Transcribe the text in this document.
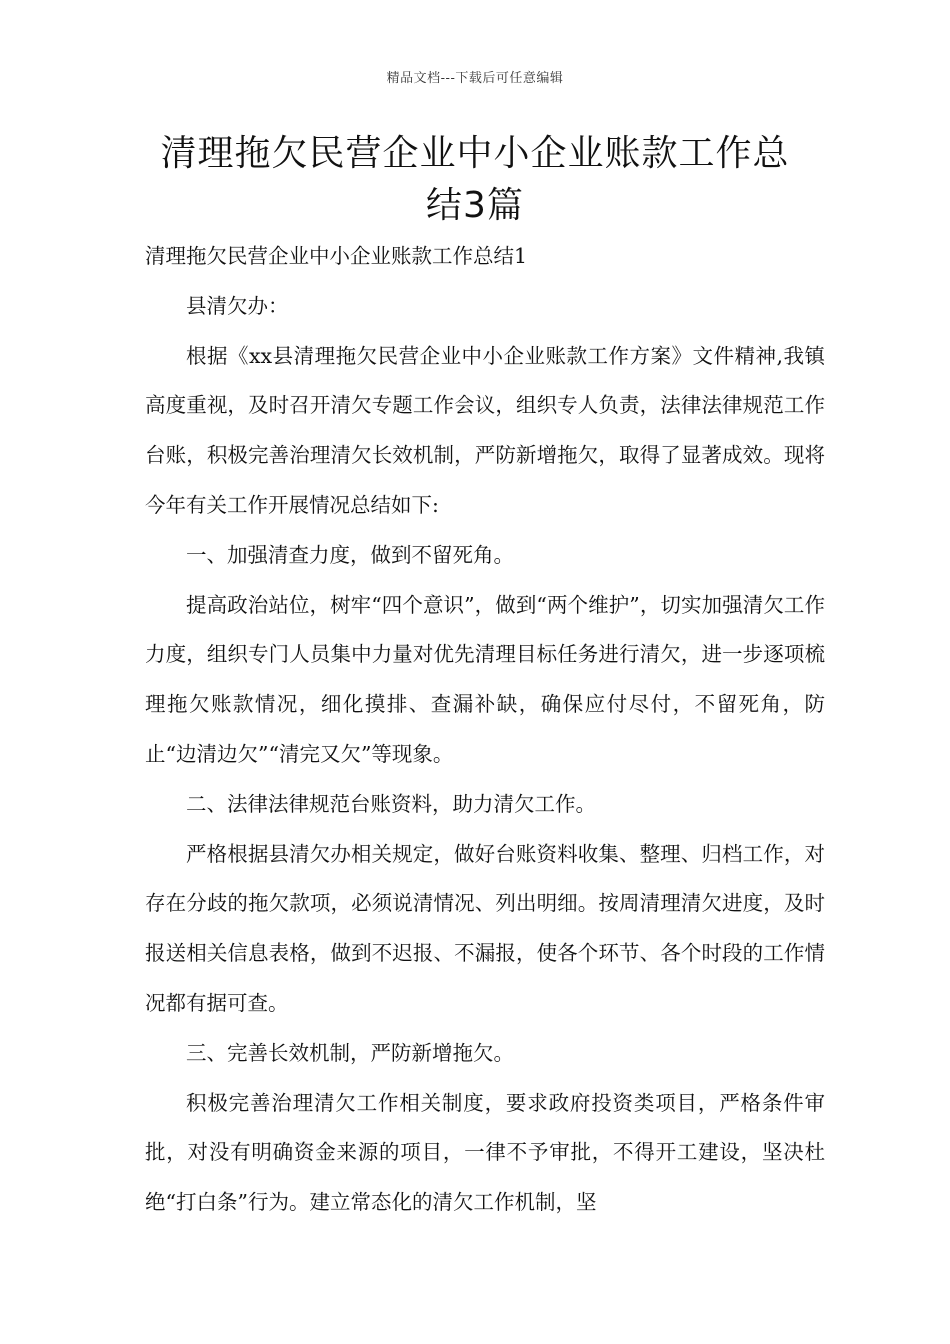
精品文档---下载后可任意编辑
清理拖欠民营企业中小企业账款工作总
结3篇

清理拖欠民营企业中小企业账款工作总结1

县清欠办：

根据《xx县清理拖欠民营企业中小企业账款工作方案》文件精神,我镇高度重视，及时召开清欠专题工作会议，组织专人负责，法律法律规范工作台账，积极完善治理清欠长效机制，严防新增拖欠，取得了显著成效。现将今年有关工作开展情况总结如下:

一、加强清查力度，做到不留死角。

提高政治站位，树牢“四个意识”，做到“两个维护”，切实加强清欠工作力度，组织专门人员集中力量对优先清理目标任务进行清欠，进一步逐项梳理拖欠账款情况，细化摸排、查漏补缺，确保应付尽付，不留死角，防止“边清边欠”“清完又欠”等现象。

二、法律法律规范台账资料，助力清欠工作。

严格根据县清欠办相关规定，做好台账资料收集、整理、归档工作，对存在分歧的拖欠款项，必须说清情况、列出明细。按周清理清欠进度，及时报送相关信息表格，做到不迟报、不漏报，使各个环节、各个时段的工作情况都有据可查。

三、完善长效机制，严防新增拖欠。

积极完善治理清欠工作相关制度，要求政府投资类项目，严格条件审批，对没有明确资金来源的项目，一律不予审批，不得开工建设，坚决杜绝“打白条”行为。建立常态化的清欠工作机制，坚
